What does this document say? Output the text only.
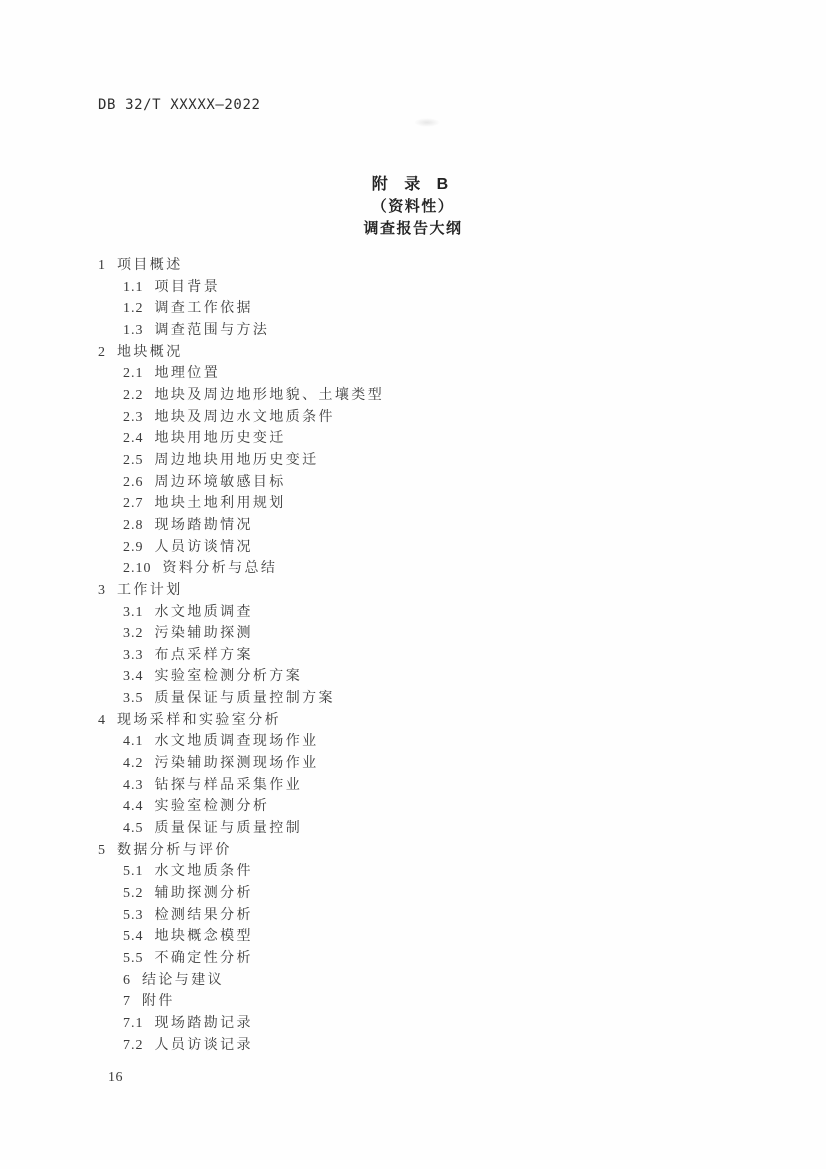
DB 32/T XXXXX—2022
附 录 B
（资料性）
调查报告大纲
1 项目概述
1.1 项目背景
1.2 调查工作依据
1.3 调查范围与方法
2 地块概况
2.1 地理位置
2.2 地块及周边地形地貌、土壤类型
2.3 地块及周边水文地质条件
2.4 地块用地历史变迁
2.5 周边地块用地历史变迁
2.6 周边环境敏感目标
2.7 地块土地利用规划
2.8 现场踏勘情况
2.9 人员访谈情况
2.10 资料分析与总结
3 工作计划
3.1 水文地质调查
3.2 污染辅助探测
3.3 布点采样方案
3.4 实验室检测分析方案
3.5 质量保证与质量控制方案
4 现场采样和实验室分析
4.1 水文地质调查现场作业
4.2 污染辅助探测现场作业
4.3 钻探与样品采集作业
4.4 实验室检测分析
4.5 质量保证与质量控制
5 数据分析与评价
5.1 水文地质条件
5.2 辅助探测分析
5.3 检测结果分析
5.4 地块概念模型
5.5 不确定性分析
6 结论与建议
7 附件
7.1 现场踏勘记录
7.2 人员访谈记录
16
